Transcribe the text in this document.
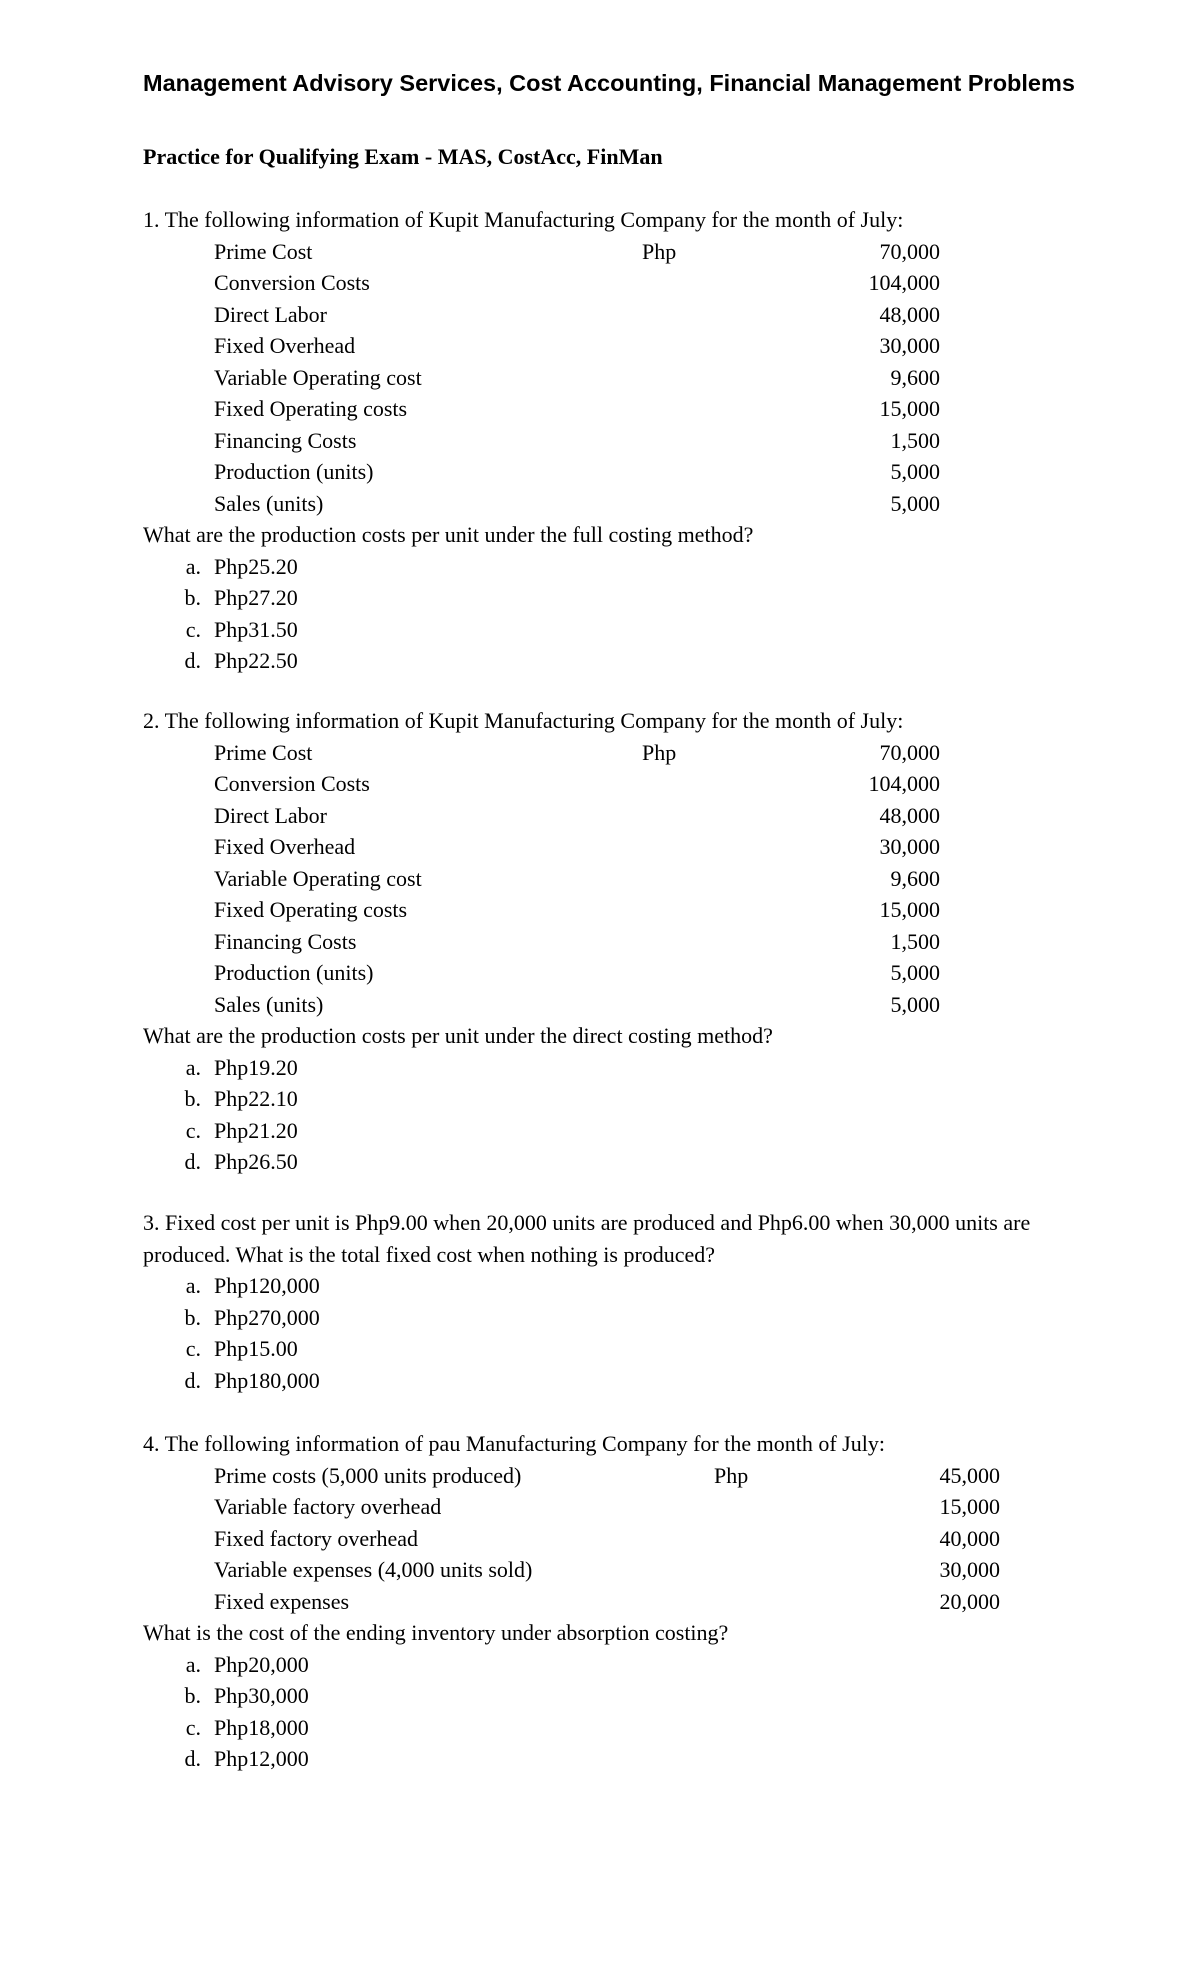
Management Advisory Services, Cost Accounting, Financial Management Problems
Practice for Qualifying Exam - MAS, CostAcc, FinMan
1. The following information of Kupit Manufacturing Company for the month of July:
Prime Cost	Php	70,000
Conversion Costs	104,000
Direct Labor	48,000
Fixed Overhead	30,000
Variable Operating cost	9,600
Fixed Operating costs	15,000
Financing Costs	1,500
Production (units)	5,000
Sales (units)	5,000
What are the production costs per unit under the full costing method?
a. Php25.20
b. Php27.20
c. Php31.50
d. Php22.50
2. The following information of Kupit Manufacturing Company for the month of July:
Prime Cost	Php	70,000
Conversion Costs	104,000
Direct Labor	48,000
Fixed Overhead	30,000
Variable Operating cost	9,600
Fixed Operating costs	15,000
Financing Costs	1,500
Production (units)	5,000
Sales (units)	5,000
What are the production costs per unit under the direct costing method?
a. Php19.20
b. Php22.10
c. Php21.20
d. Php26.50
3. Fixed cost per unit is Php9.00 when 20,000 units are produced and Php6.00 when 30,000 units are produced. What is the total fixed cost when nothing is produced?
a. Php120,000
b. Php270,000
c. Php15.00
d. Php180,000
4. The following information of pau Manufacturing Company for the month of July:
Prime costs (5,000 units produced)	Php	45,000
Variable factory overhead	15,000
Fixed factory overhead	40,000
Variable expenses (4,000 units sold)	30,000
Fixed expenses	20,000
What is the cost of the ending inventory under absorption costing?
a. Php20,000
b. Php30,000
c. Php18,000
d. Php12,000
